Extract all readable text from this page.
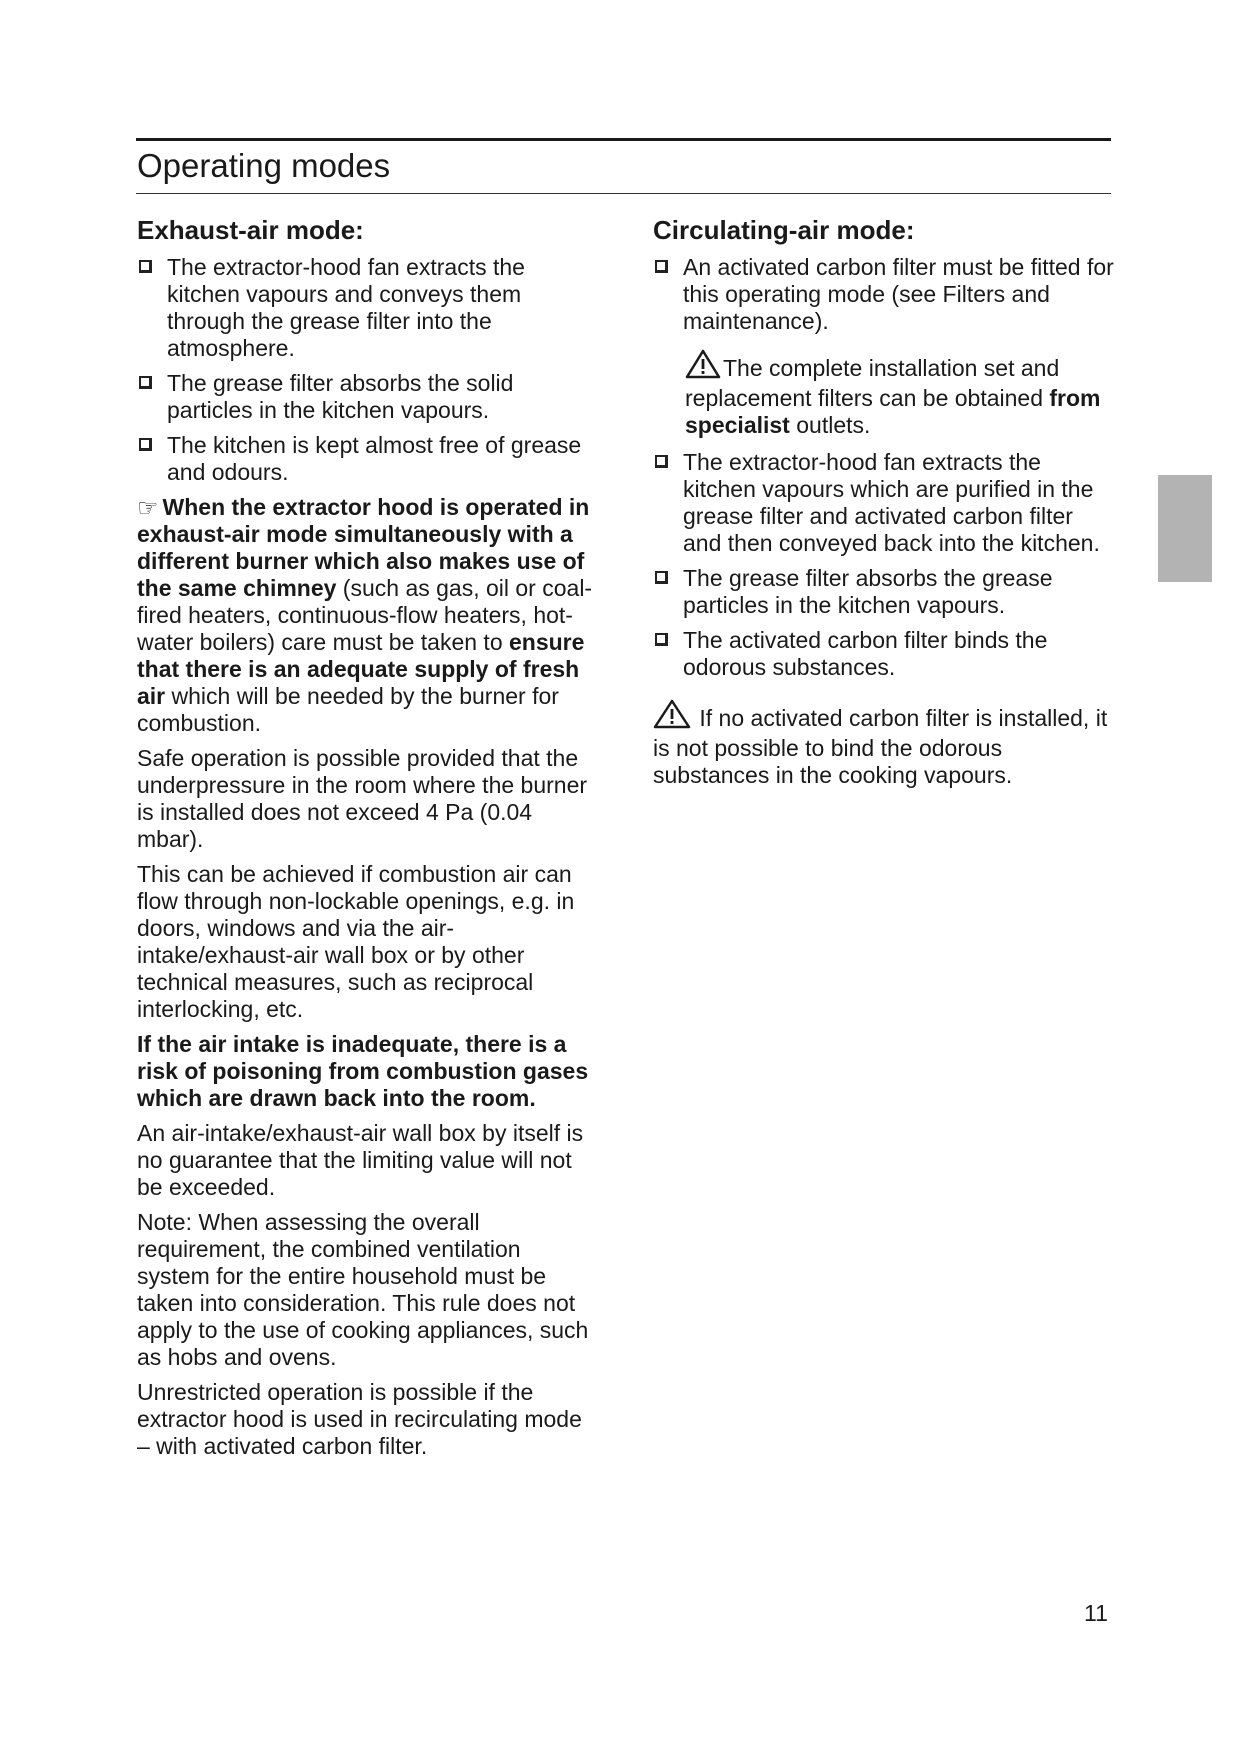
Operating modes
Exhaust-air mode:
The extractor-hood fan extracts the kitchen vapours and conveys them through the grease filter into the atmosphere.
The grease filter absorbs the solid particles in the kitchen vapours.
The kitchen is kept almost free of grease and odours.

☞ When the extractor hood is operated in exhaust-air mode simultaneously with a different burner which also makes use of the same chimney (such as gas, oil or coal-fired heaters, continuous-flow heaters, hot-water boilers) care must be taken to ensure that there is an adequate supply of fresh air which will be needed by the burner for combustion.

Safe operation is possible provided that the underpressure in the room where the burner is installed does not exceed 4 Pa (0.04 mbar).

This can be achieved if combustion air can flow through non-lockable openings, e.g. in doors, windows and via the air-intake/exhaust-air wall box or by other technical measures, such as reciprocal interlocking, etc.

If the air intake is inadequate, there is a risk of poisoning from combustion gases which are drawn back into the room.

An air-intake/exhaust-air wall box by itself is no guarantee that the limiting value will not be exceeded.

Note: When assessing the overall requirement, the combined ventilation system for the entire household must be taken into consideration. This rule does not apply to the use of cooking appliances, such as hobs and ovens.

Unrestricted operation is possible if the extractor hood is used in recirculating mode – with activated carbon filter.

Circulating-air mode:
An activated carbon filter must be fitted for this operating mode (see Filters and maintenance).

The complete installation set and replacement filters can be obtained from specialist outlets.

The extractor-hood fan extracts the kitchen vapours which are purified in the grease filter and activated carbon filter and then conveyed back into the kitchen.
The grease filter absorbs the grease particles in the kitchen vapours.
The activated carbon filter binds the odorous substances.

If no activated carbon filter is installed, it is not possible to bind the odorous substances in the cooking vapours.

11
